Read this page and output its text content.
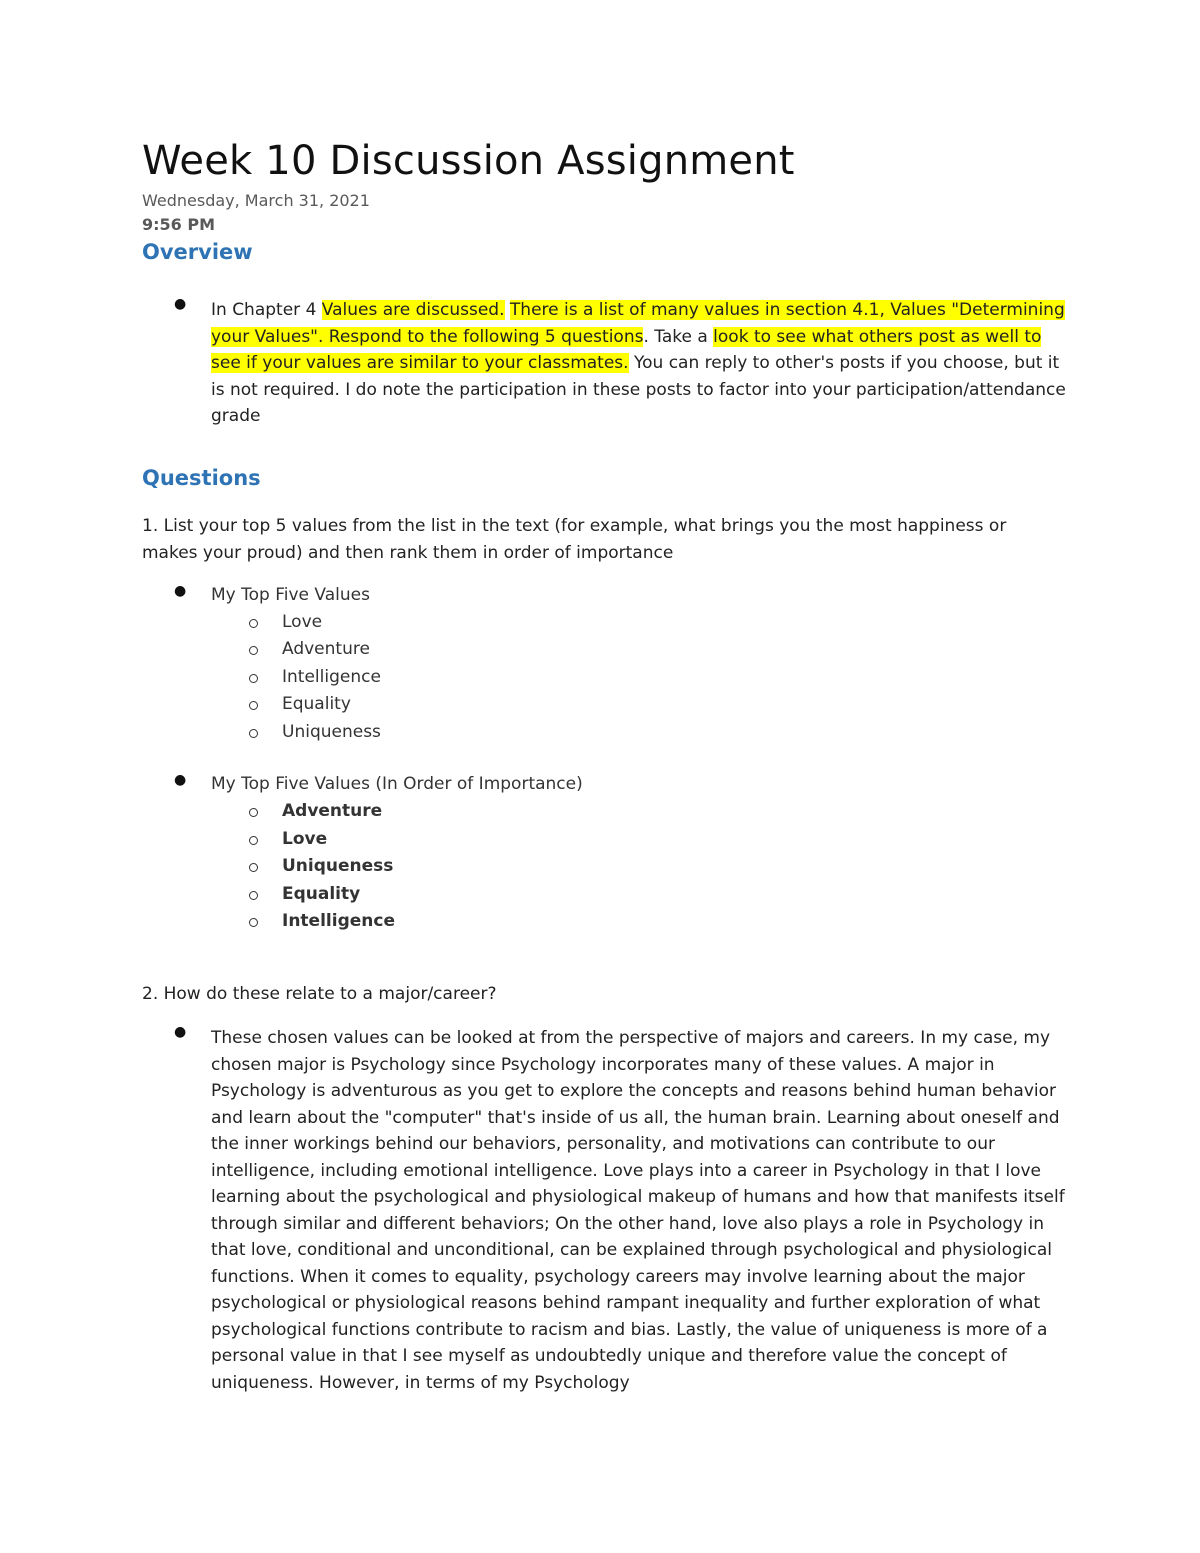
Week 10 Discussion Assignment
Wednesday, March 31, 2021
9:56 PM
Overview
● In Chapter 4 Values are discussed. There is a list of many values in section 4.1, Values "Determining your Values". Respond to the following 5 questions. Take a look to see what others post as well to see if your values are similar to your classmates. You can reply to other's posts if you choose, but it is not required. I do note the participation in these posts to factor into your participation/attendance grade

Questions

1. List your top 5 values from the list in the text (for example, what brings you the most happiness or makes your proud) and then rank them in order of importance

● My Top Five Values
Love
Adventure
Intelligence
Equality
Uniqueness
● My Top Five Values (In Order of Importance)
Adventure
Love
Uniqueness
Equality
Intelligence

2. How do these relate to a major/career?

● These chosen values can be looked at from the perspective of majors and careers. In my case, my chosen major is Psychology since Psychology incorporates many of these values. A major in Psychology is adventurous as you get to explore the concepts and reasons behind human behavior and learn about the "computer" that's inside of us all, the human brain. Learning about oneself and the inner workings behind our behaviors, personality, and motivations can contribute to our intelligence, including emotional intelligence. Love plays into a career in Psychology in that I love learning about the psychological and physiological makeup of humans and how that manifests itself through similar and different behaviors; On the other hand, love also plays a role in Psychology in that love, conditional and unconditional, can be explained through psychological and physiological functions. When it comes to equality, psychology careers may involve learning about the major psychological or physiological reasons behind rampant inequality and further exploration of what psychological functions contribute to racism and bias. Lastly, the value of uniqueness is more of a personal value in that I see myself as undoubtedly unique and therefore value the concept of uniqueness. However, in terms of my Psychology
